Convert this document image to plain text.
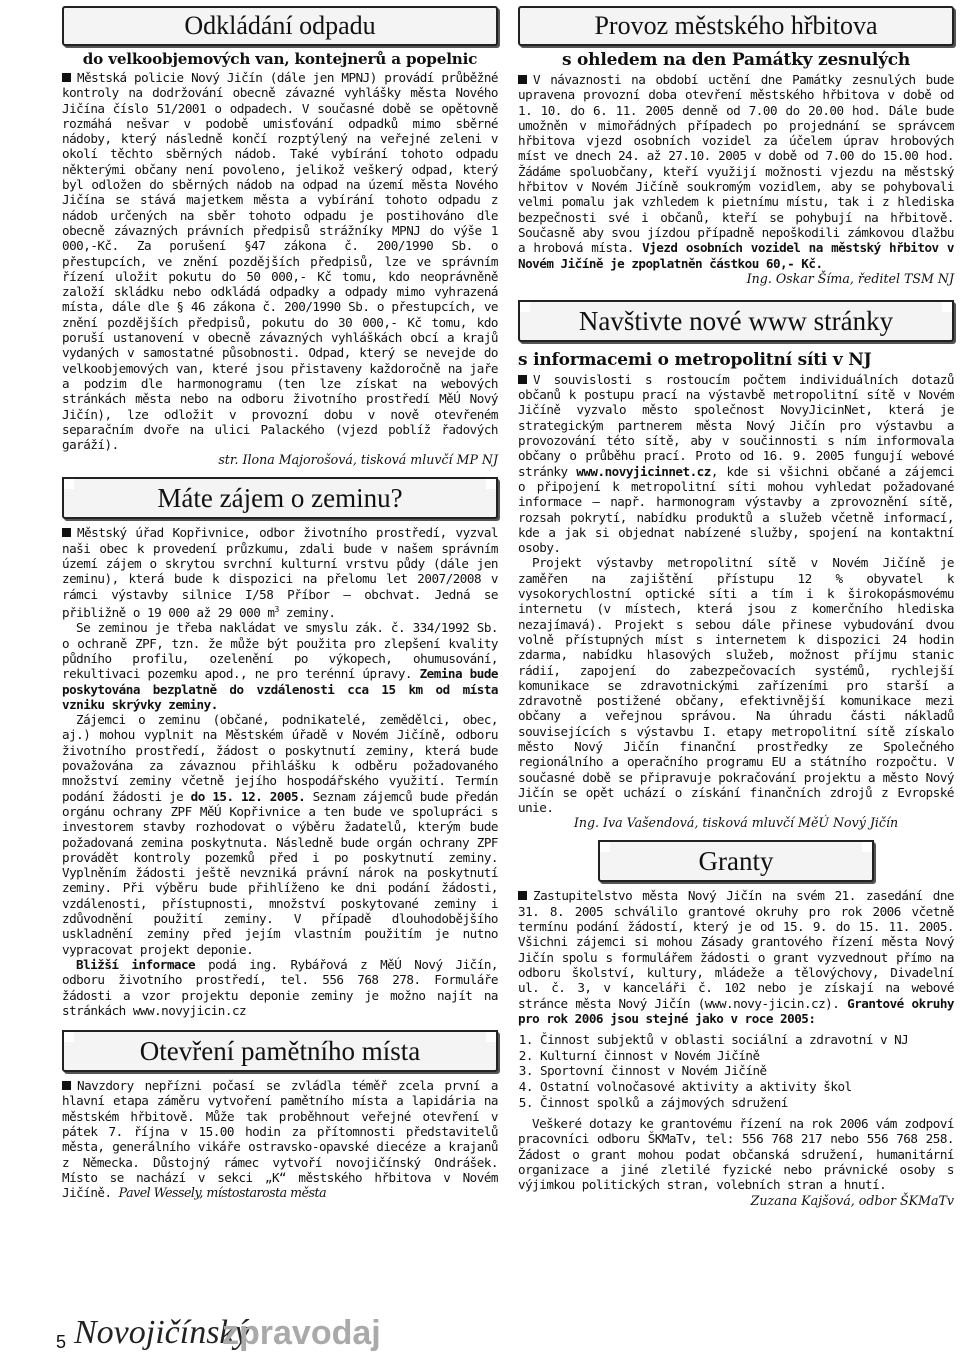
Odkládání odpadu
do velkoobjemových van, kontejnerů a popelnic

Městská policie Nový Jičín (dále jen MPNJ) provádí průběžné kontroly na dodržování obecně závazné vyhlášky města Nového Jičína číslo 51/2001 o odpadech. V současné době se opětovně rozmáhá nešvar v podobě umisťování odpadků mimo sběrné nádoby, který následně končí rozptýlený na veřejné zeleni v okolí těchto sběrných nádob. Také vybírání tohoto odpadu některými občany není povoleno, jelikož veškerý odpad, který byl odložen do sběrných nádob na odpad na území města Nového Jičína se stává majetkem města a vybírání tohoto odpadu z nádob určených na sběr tohoto odpadu je postihováno dle obecně závazných právních předpisů strážníky MPNJ do výše 1 000,-Kč. Za porušení §47 zákona č. 200/1990 Sb. o přestupcích, ve znění pozdějších předpisů, lze ve správním řízení uložit pokutu do 50 000,- Kč tomu, kdo neoprávněně založí skládku nebo odkládá odpadky a odpady mimo vyhrazená místa, dále dle § 46 zákona č. 200/1990 Sb. o přestupcích, ve znění pozdějších předpisů, pokutu do 30 000,- Kč tomu, kdo poruší ustanovení v obecně závazných vyhláškách obcí a krajů vydaných v samostatné působnosti. Odpad, který se nevejde do velkoobjemových van, které jsou přistaveny každoročně na jaře a podzim dle harmonogramu (ten lze získat na webových stránkách města nebo na odboru životního prostředí MěÚ Nový Jičín), lze odložit v provozní dobu v nově otevřeném separačním dvoře na ulici Palackého (vjezd poblíž řadových garáží).

str. Ilona Majorošová, tisková mluvčí MP NJ

Máte zájem o zeminu?

Městský úřad Kopřivnice, odbor životního prostředí, vyzval naši obec k provedení průzkumu, zdali bude v našem správním území zájem o skrytou svrchní kulturní vrstvu půdy (dále jen zeminu), která bude k dispozici na přelomu let 2007/2008 v rámci výstavby silnice I/58 Příbor – obchvat. Jedná se přibližně o 19 000 až 29 000 $m^3$ zeminy.

Se zeminou je třeba nakládat ve smyslu zák. č. 334/1992 Sb. o ochraně ZPF, tzn. že může být použita pro zlepšení kvality půdního profilu, ozelenění po výkopech, ohumusování, rekultivaci pozemku apod., ne pro terénní úpravy. Zemina bude poskytována bezplatně do vzdálenosti cca 15 km od místa vzniku skrývky zeminy.

Zájemci o zeminu (občané, podnikatelé, zemědělci, obec, aj.) mohou vyplnit na Městském úřadě v Novém Jičíně, odboru životního prostředí, žádost o poskytnutí zeminy, která bude považována za závaznou přihlášku k odběru požadovaného množství zeminy včetně jejího hospodářského využití. Termín podání žádosti je do 15. 12. 2005. Seznam zájemců bude předán orgánu ochrany ZPF MěÚ Kopřivnice a ten bude ve spolupráci s investorem stavby rozhodovat o výběru žadatelů, kterým bude požadovaná zemina poskytnuta. Následně bude orgán ochrany ZPF provádět kontroly pozemků před i po poskytnutí zeminy. Vyplněním žádosti ještě nevzniká právní nárok na poskytnutí zeminy. Při výběru bude přihlíženo ke dni podání žádosti, vzdálenosti, přístupnosti, množství poskytované zeminy i zdůvodnění použití zeminy. V případě dlouhodobějšího uskladnění zeminy před jejím vlastním použitím je nutno vypracovat projekt deponie.

Bližší informace podá ing. Rybářová z MěÚ Nový Jičín, odboru životního prostředí, tel. 556 768 278. Formuláře žádosti a vzor projektu deponie zeminy je možno najít na stránkách www.novyjicin.cz

Otevření pamětního místa

Navzdory nepřízni počasí se zvládla téměř zcela první a hlavní etapa záměru vytvoření pamětního místa a lapidária na městském hřbitově. Může tak proběhnout veřejné otevření v pátek 7. října v 15.00 hodin za přítomnosti představitelů města, generálního vikáře ostravsko-opavské diecéze a krajanů z Německa. Důstojný rámec vytvoří novojičínský Ondrášek. Místo se nachází v sekci „K“ městského hřbitova v Novém Jičíně. Pavel Wessely, místostarosta města

Provoz městského hřbitova
s ohledem na den Památky zesnulých

V návaznosti na období uctění dne Památky zesnulých bude upravena provozní doba otevření městského hřbitova v době od 1. 10. do 6. 11. 2005 denně od 7.00 do 20.00 hod. Dále bude umožněn v mimořádných případech po projednání se správcem hřbitova vjezd osobních vozidel za účelem úprav hrobových míst ve dnech 24. až 27.10. 2005 v době od 7.00 do 15.00 hod. Žádáme spoluobčany, kteří využijí možnosti vjezdu na městský hřbitov v Novém Jičíně soukromým vozidlem, aby se pohybovali velmi pomalu jak vzhledem k pietnímu místu, tak i z hlediska bezpečnosti své i občanů, kteří se pohybují na hřbitově. Současně aby svou jízdou případně nepoškodili zámkovou dlažbu a hrobová místa. Vjezd osobních vozidel na městský hřbitov v Novém Jičíně je zpoplatněn částkou 60,- Kč.

Ing. Oskar Šíma, ředitel TSM NJ

Navštivte nové www stránky
s informacemi o metropolitní síti v NJ

V souvislosti s rostoucím počtem individuálních dotazů občanů k postupu prací na výstavbě metropolitní sítě v Novém Jičíně vyzvalo město společnost NovyJicinNet, která je strategickým partnerem města Nový Jičín pro výstavbu a provozování této sítě, aby v součinnosti s ním informovala občany o průběhu prací. Proto od 16. 9. 2005 fungují webové stránky www.novyjicinnet.cz, kde si všichni občané a zájemci o připojení k metropolitní síti mohou vyhledat požadované informace – např. harmonogram výstavby a zprovoznění sítě, rozsah pokrytí, nabídku produktů a služeb včetně informací, kde a jak si objednat nabízené služby, spojení na kontaktní osoby.

Projekt výstavby metropolitní sítě v Novém Jičíně je zaměřen na zajištění přístupu 12 % obyvatel k vysokorychlostní optické síti a tím i k širokopásmovému internetu (v místech, která jsou z komerčního hlediska nezajímavá). Projekt s sebou dále přinese vybudování dvou volně přístupných míst s internetem k dispozici 24 hodin zdarma, nabídku hlasových služeb, možnost příjmu stanic rádií, zapojení do zabezpečovacích systémů, rychlejší komunikace se zdravotnickými zařízeními pro starší a zdravotně postižené občany, efektivnější komunikace mezi občany a veřejnou správou. Na úhradu části nákladů souvisejících s výstavbu I. etapy metropolitní sítě získalo město Nový Jičín finanční prostředky ze Společného regionálního a operačního programu EU a státního rozpočtu. V současné době se připravuje pokračování projektu a město Nový Jičín se opět uchází o získání finančních zdrojů z Evropské unie.

Ing. Iva Vašendová, tisková mluvčí MěÚ Nový Jičín

Granty

Zastupitelstvo města Nový Jičín na svém 21. zasedání dne 31. 8. 2005 schválilo grantové okruhy pro rok 2006 včetně termínu podání žádostí, který je od 15. 9. do 15. 11. 2005. Všichni zájemci si mohou Zásady grantového řízení města Nový Jičín spolu s formulářem žádosti o grant vyzvednout přímo na odboru školství, kultury, mládeže a tělovýchovy, Divadelní ul. č. 3, v kanceláři č. 102 nebo je získají na webové stránce města Nový Jičín (www.novy-jicin.cz). Grantové okruhy pro rok 2006 jsou stejné jako v roce 2005:

1. Činnost subjektů v oblasti sociální a zdravotní v NJ
2. Kulturní činnost v Novém Jičíně
3. Sportovní činnost v Novém Jičíně
4. Ostatní volnočasové aktivity a aktivity škol
5. Činnost spolků a zájmových sdružení

Veškeré dotazy ke grantovému řízení na rok 2006 vám zodpoví pracovníci odboru ŠKMaTv, tel: 556 768 217 nebo 556 768 258. Žádost o grant mohou podat občanská sdružení, humanitární organizace a jiné zletilé fyzické nebo právnické osoby s výjimkou politických stran, volebních stran a hnutí.

Zuzana Kajšová, odbor ŠKMaTv

5 Novojičínský
zpravodaj
